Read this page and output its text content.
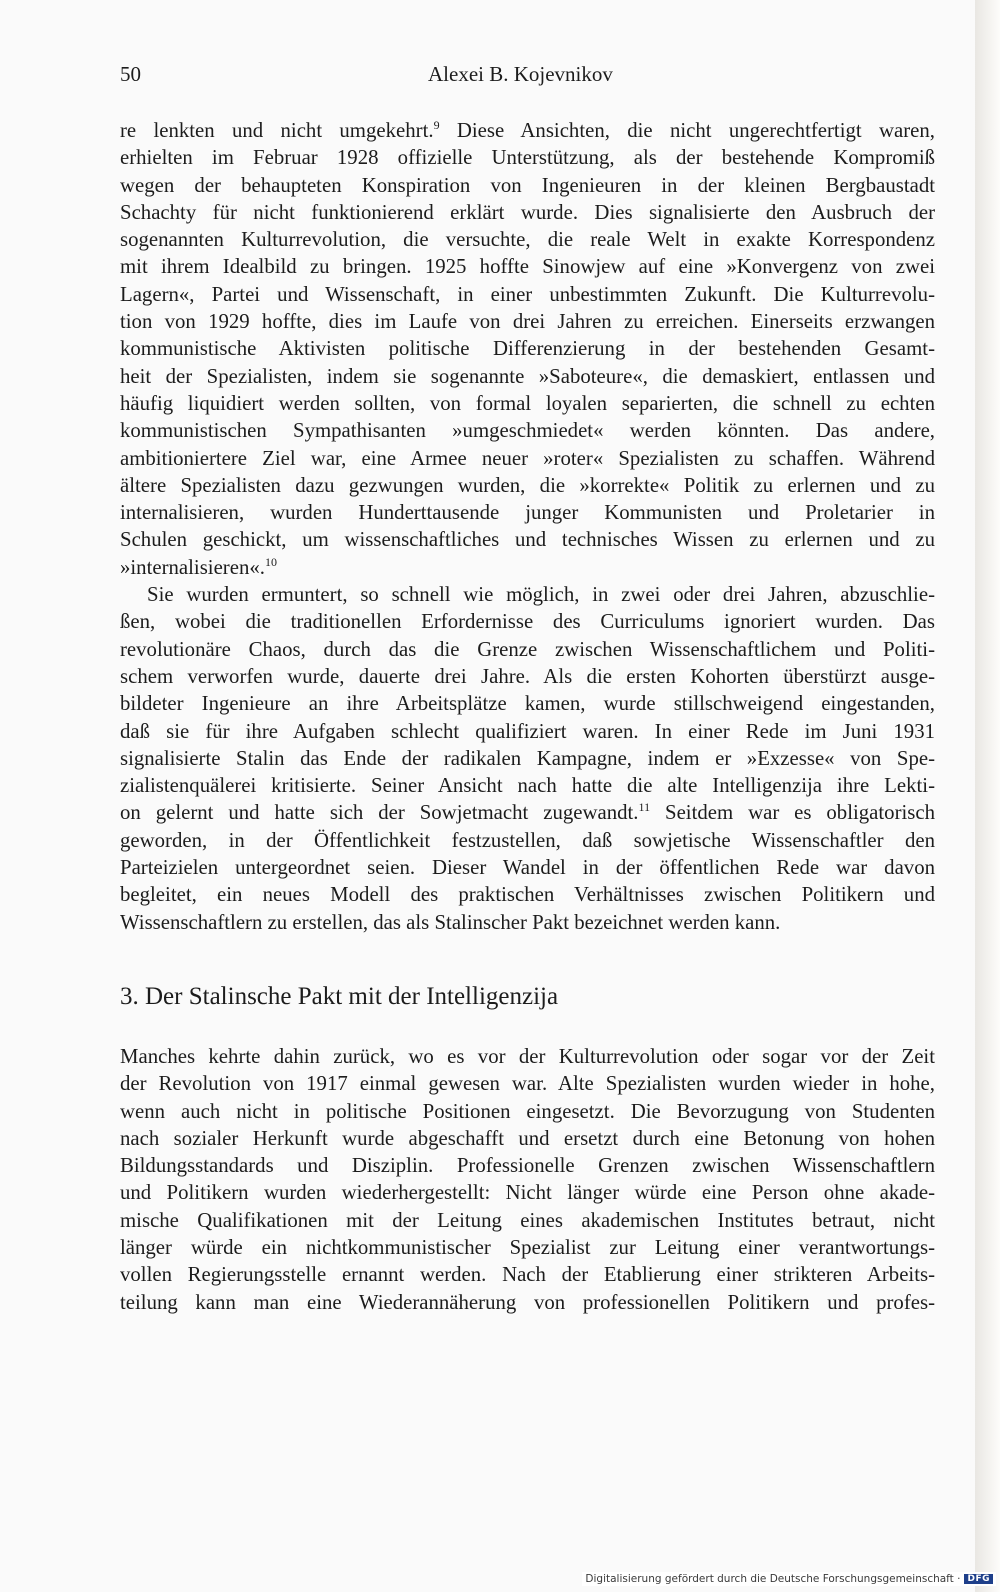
50	Alexei B. Kojevnikov

re lenkten und nicht umgekehrt.$^9$ Diese Ansichten, die nicht ungerechtfertigt waren,
erhielten im Februar 1928 offizielle Unterstützung, als der bestehende Kompromiß
wegen der behaupteten Konspiration von Ingenieuren in der kleinen Bergbaustadt
Schachty für nicht funktionierend erklärt wurde. Dies signalisierte den Ausbruch der
sogenannten Kulturrevolution, die versuchte, die reale Welt in exakte Korrespondenz
mit ihrem Idealbild zu bringen. 1925 hoffte Sinowjew auf eine »Konvergenz von zwei
Lagern«, Partei und Wissenschaft, in einer unbestimmten Zukunft. Die Kulturrevolu-
tion von 1929 hoffte, dies im Laufe von drei Jahren zu erreichen. Einerseits erzwangen
kommunistische Aktivisten politische Differenzierung in der bestehenden Gesamt-
heit der Spezialisten, indem sie sogenannte »Saboteure«, die demaskiert, entlassen und
häufig liquidiert werden sollten, von formal loyalen separierten, die schnell zu echten
kommunistischen Sympathisanten »umgeschmiedet« werden könnten. Das andere,
ambitioniertere Ziel war, eine Armee neuer »roter« Spezialisten zu schaffen. Während
ältere Spezialisten dazu gezwungen wurden, die »korrekte« Politik zu erlernen und zu
internalisieren, wurden Hunderttausende junger Kommunisten und Proletarier in
Schulen geschickt, um wissenschaftliches und technisches Wissen zu erlernen und zu
»internalisieren«.$^{10}$

Sie wurden ermuntert, so schnell wie möglich, in zwei oder drei Jahren, abzuschlie-
ßen, wobei die traditionellen Erfordernisse des Curriculums ignoriert wurden. Das
revolutionäre Chaos, durch das die Grenze zwischen Wissenschaftlichem und Politi-
schem verworfen wurde, dauerte drei Jahre. Als die ersten Kohorten überstürzt ausge-
bildeter Ingenieure an ihre Arbeitsplätze kamen, wurde stillschweigend eingestanden,
daß sie für ihre Aufgaben schlecht qualifiziert waren. In einer Rede im Juni 1931
signalisierte Stalin das Ende der radikalen Kampagne, indem er »Exzesse« von Spe-
zialistenquälerei kritisierte. Seiner Ansicht nach hatte die alte Intelligenzija ihre Lekti-
on gelernt und hatte sich der Sowjetmacht zugewandt.$^{11}$ Seitdem war es obligatorisch
geworden, in der Öffentlichkeit festzustellen, daß sowjetische Wissenschaftler den
Parteizielen untergeordnet seien. Dieser Wandel in der öffentlichen Rede war davon
begleitet, ein neues Modell des praktischen Verhältnisses zwischen Politikern und
Wissenschaftlern zu erstellen, das als Stalinscher Pakt bezeichnet werden kann.

3. Der Stalinsche Pakt mit der Intelligenzija

Manches kehrte dahin zurück, wo es vor der Kulturrevolution oder sogar vor der Zeit
der Revolution von 1917 einmal gewesen war. Alte Spezialisten wurden wieder in hohe,
wenn auch nicht in politische Positionen eingesetzt. Die Bevorzugung von Studenten
nach sozialer Herkunft wurde abgeschafft und ersetzt durch eine Betonung von hohen
Bildungsstandards und Disziplin. Professionelle Grenzen zwischen Wissenschaftlern
und Politikern wurden wiederhergestellt: Nicht länger würde eine Person ohne akade-
mische Qualifikationen mit der Leitung eines akademischen Institutes betraut, nicht
länger würde ein nichtkommunistischer Spezialist zur Leitung einer verantwortungs-
vollen Regierungsstelle ernannt werden. Nach der Etablierung einer strikteren Arbeits-
teilung kann man eine Wiederannäherung von professionellen Politikern und profes-

Digitalisierung gefördert durch die Deutsche Forschungsgemeinschaft · DFG
